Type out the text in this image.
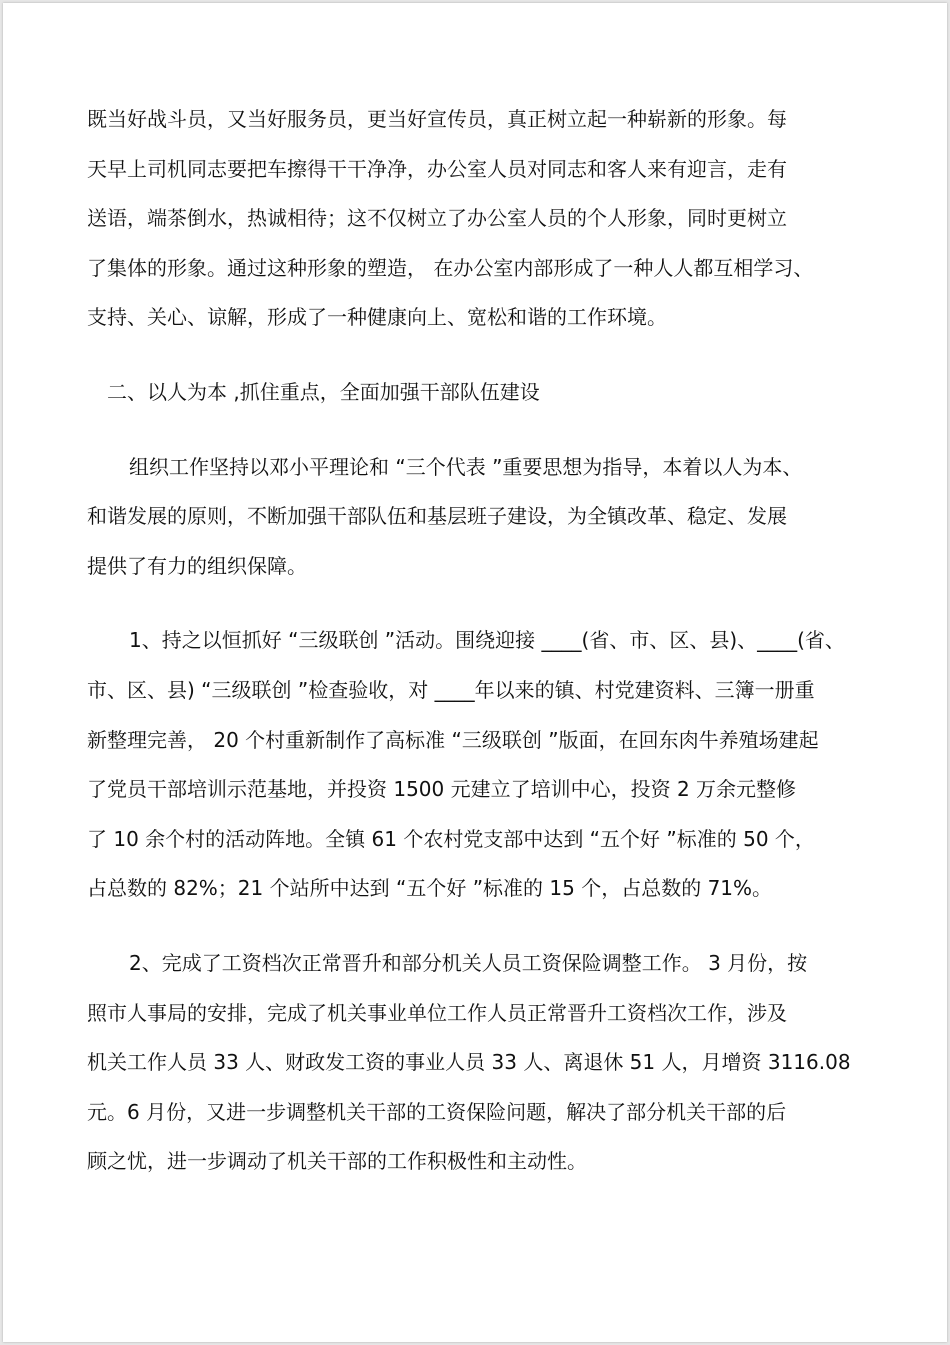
既当好战斗员，又当好服务员，更当好宣传员，真正树立起一种崭新的形象。每
天早上司机同志要把车擦得干干净净，办公室人员对同志和客人来有迎言，走有
送语，端茶倒水，热诚相待；这不仅树立了办公室人员的个人形象，同时更树立
了集体的形象。通过这种形象的塑造， 在办公室内部形成了一种人人都互相学习、
支持、关心、谅解，形成了一种健康向上、宽松和谐的工作环境。
二、以人为本 ,抓住重点，全面加强干部队伍建设
组织工作坚持以邓小平理论和 “三个代表 ”重要思想为指导，本着以人为本、
和谐发展的原则，不断加强干部队伍和基层班子建设，为全镇改革、稳定、发展
提供了有力的组织保障。
1、持之以恒抓好 “三级联创 ”活动。围绕迎接 ____(省、市、区、县)、____(省、
市、区、县) “三级联创 ”检查验收，对 ____年以来的镇、村党建资料、三簿一册重
新整理完善， 20 个村重新制作了高标准 “三级联创 ”版面，在回东肉牛养殖场建起
了党员干部培训示范基地，并投资 1500 元建立了培训中心，投资 2 万余元整修
了 10 余个村的活动阵地。全镇 61 个农村党支部中达到 “五个好 ”标准的 50 个，
占总数的 82%；21 个站所中达到 “五个好 ”标准的 15 个，占总数的 71%。
2、完成了工资档次正常晋升和部分机关人员工资保险调整工作。 3 月份，按
照市人事局的安排，完成了机关事业单位工作人员正常晋升工资档次工作，涉及
机关工作人员 33 人、财政发工资的事业人员 33 人、离退休 51 人，月增资 3116.08
元。6 月份，又进一步调整机关干部的工资保险问题，解决了部分机关干部的后
顾之忧，进一步调动了机关干部的工作积极性和主动性。
